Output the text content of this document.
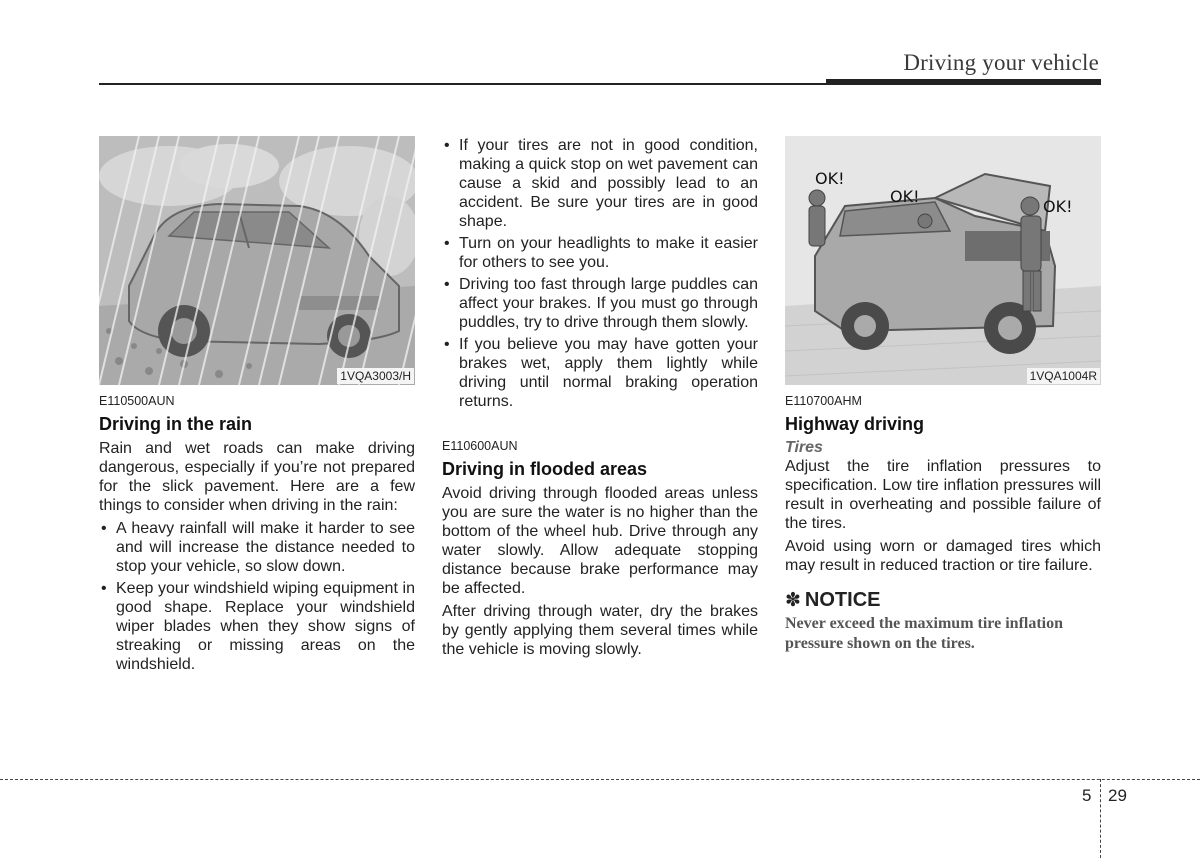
Driving your vehicle
1VQA3003/H
E110500AUN
Driving in the rain

Rain and wet roads can make driving dangerous, especially if you’re not prepared for the slick pavement. Here are a few things to consider when driving in the rain:

• A heavy rainfall will make it harder to see and will increase the distance needed to stop your vehicle, so slow down.
• Keep your windshield wiping equipment in good shape. Replace your windshield wiper blades when they show signs of streaking or missing areas on the windshield.
• If your tires are not in good condition, making a quick stop on wet pavement can cause a skid and possibly lead to an accident. Be sure your tires are in good shape.
• Turn on your headlights to make it easier for others to see you.
• Driving too fast through large puddles can affect your brakes. If you must go through puddles, try to drive through them slowly.
• If you believe you may have gotten your brakes wet, apply them lightly while driving until normal braking operation returns.
E110600AUN
Driving in flooded areas

Avoid driving through flooded areas unless you are sure the water is no higher than the bottom of the wheel hub. Drive through any water slowly. Allow adequate stopping distance because brake performance may be affected.

After driving through water, dry the brakes by gently applying them several times while the vehicle is moving slowly.

OK!
OK!
OK!
1VQA1004R
E110700AHM
Highway driving
Tires

Adjust the tire inflation pressures to specification. Low tire inflation pressures will result in overheating and possible failure of the tires.

Avoid using worn or damaged tires which may result in reduced traction or tire failure.

✽ NOTICE
Never exceed the maximum tire inflation pressure shown on the tires.
5 29
